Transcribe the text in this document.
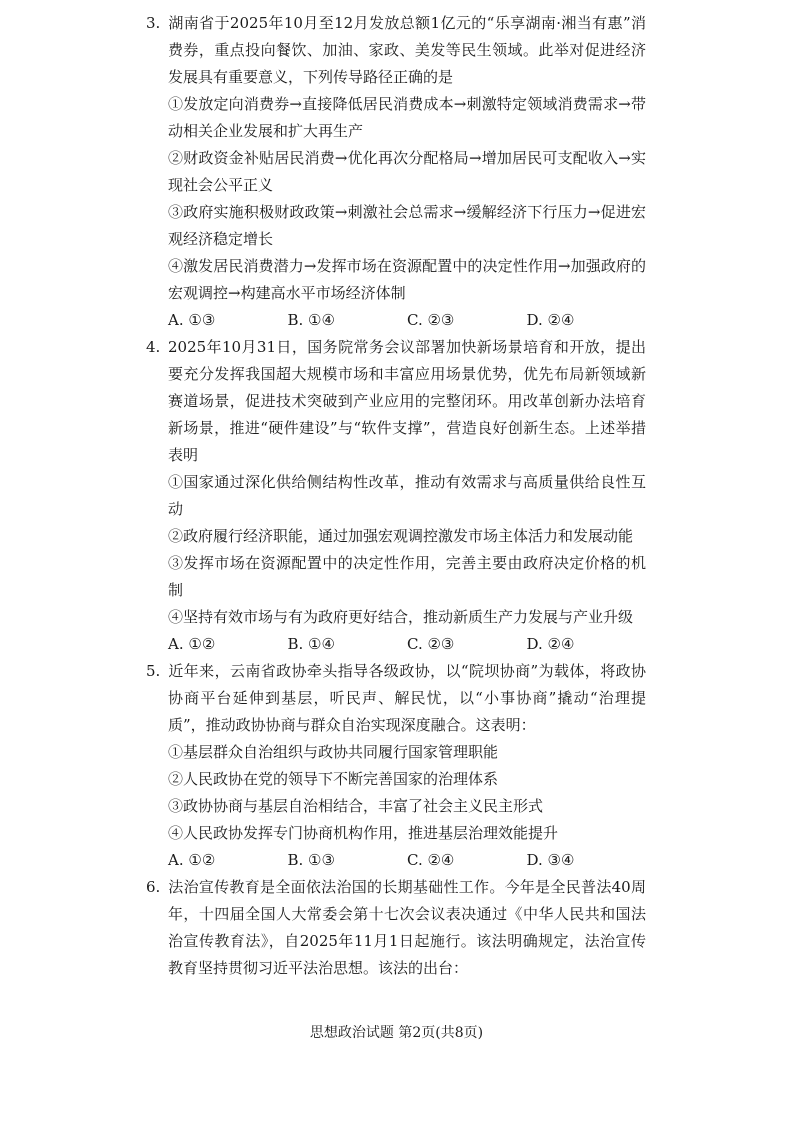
3. 湖南省于2025年10月至12月发放总额1亿元的“乐享湖南·湘当有惠”消费券，重点投向餐饮、加油、家政、美发等民生领域。此举对促进经济发展具有重要意义，下列传导路径正确的是
①发放定向消费券→直接降低居民消费成本→刺激特定领域消费需求→带动相关企业发展和扩大再生产
②财政资金补贴居民消费→优化再次分配格局→增加居民可支配收入→实现社会公平正义
③政府实施积极财政政策→刺激社会总需求→缓解经济下行压力→促进宏观经济稳定增长
④激发居民消费潜力→发挥市场在资源配置中的决定性作用→加强政府的宏观调控→构建高水平市场经济体制
A. ①③	B. ①④	C. ②③	D. ②④
4. 2025年10月31日，国务院常务会议部署加快新场景培育和开放，提出要充分发挥我国超大规模市场和丰富应用场景优势，优先布局新领域新赛道场景，促进技术突破到产业应用的完整闭环。用改革创新办法培育新场景，推进“硬件建设”与“软件支撑”，营造良好创新生态。上述举措表明
①国家通过深化供给侧结构性改革，推动有效需求与高质量供给良性互动
②政府履行经济职能，通过加强宏观调控激发市场主体活力和发展动能
③发挥市场在资源配置中的决定性作用，完善主要由政府决定价格的机制
④坚持有效市场与有为政府更好结合，推动新质生产力发展与产业升级
A. ①②	B. ①④	C. ②③	D. ②④
5. 近年来，云南省政协牵头指导各级政协，以“院坝协商”为载体，将政协协商平台延伸到基层，听民声、解民忧，以“小事协商”撬动“治理提质”，推动政协协商与群众自治实现深度融合。这表明：
①基层群众自治组织与政协共同履行国家管理职能
②人民政协在党的领导下不断完善国家的治理体系
③政协协商与基层自治相结合，丰富了社会主义民主形式
④人民政协发挥专门协商机构作用，推进基层治理效能提升
A. ①②	B. ①③	C. ②④	D. ③④
6. 法治宣传教育是全面依法治国的长期基础性工作。今年是全民普法40周年，十四届全国人大常委会第十七次会议表决通过《中华人民共和国法治宣传教育法》，自2025年11月1日起施行。该法明确规定，法治宣传教育坚持贯彻习近平法治思想。该法的出台：
思想政治试题 第2页(共8页)
